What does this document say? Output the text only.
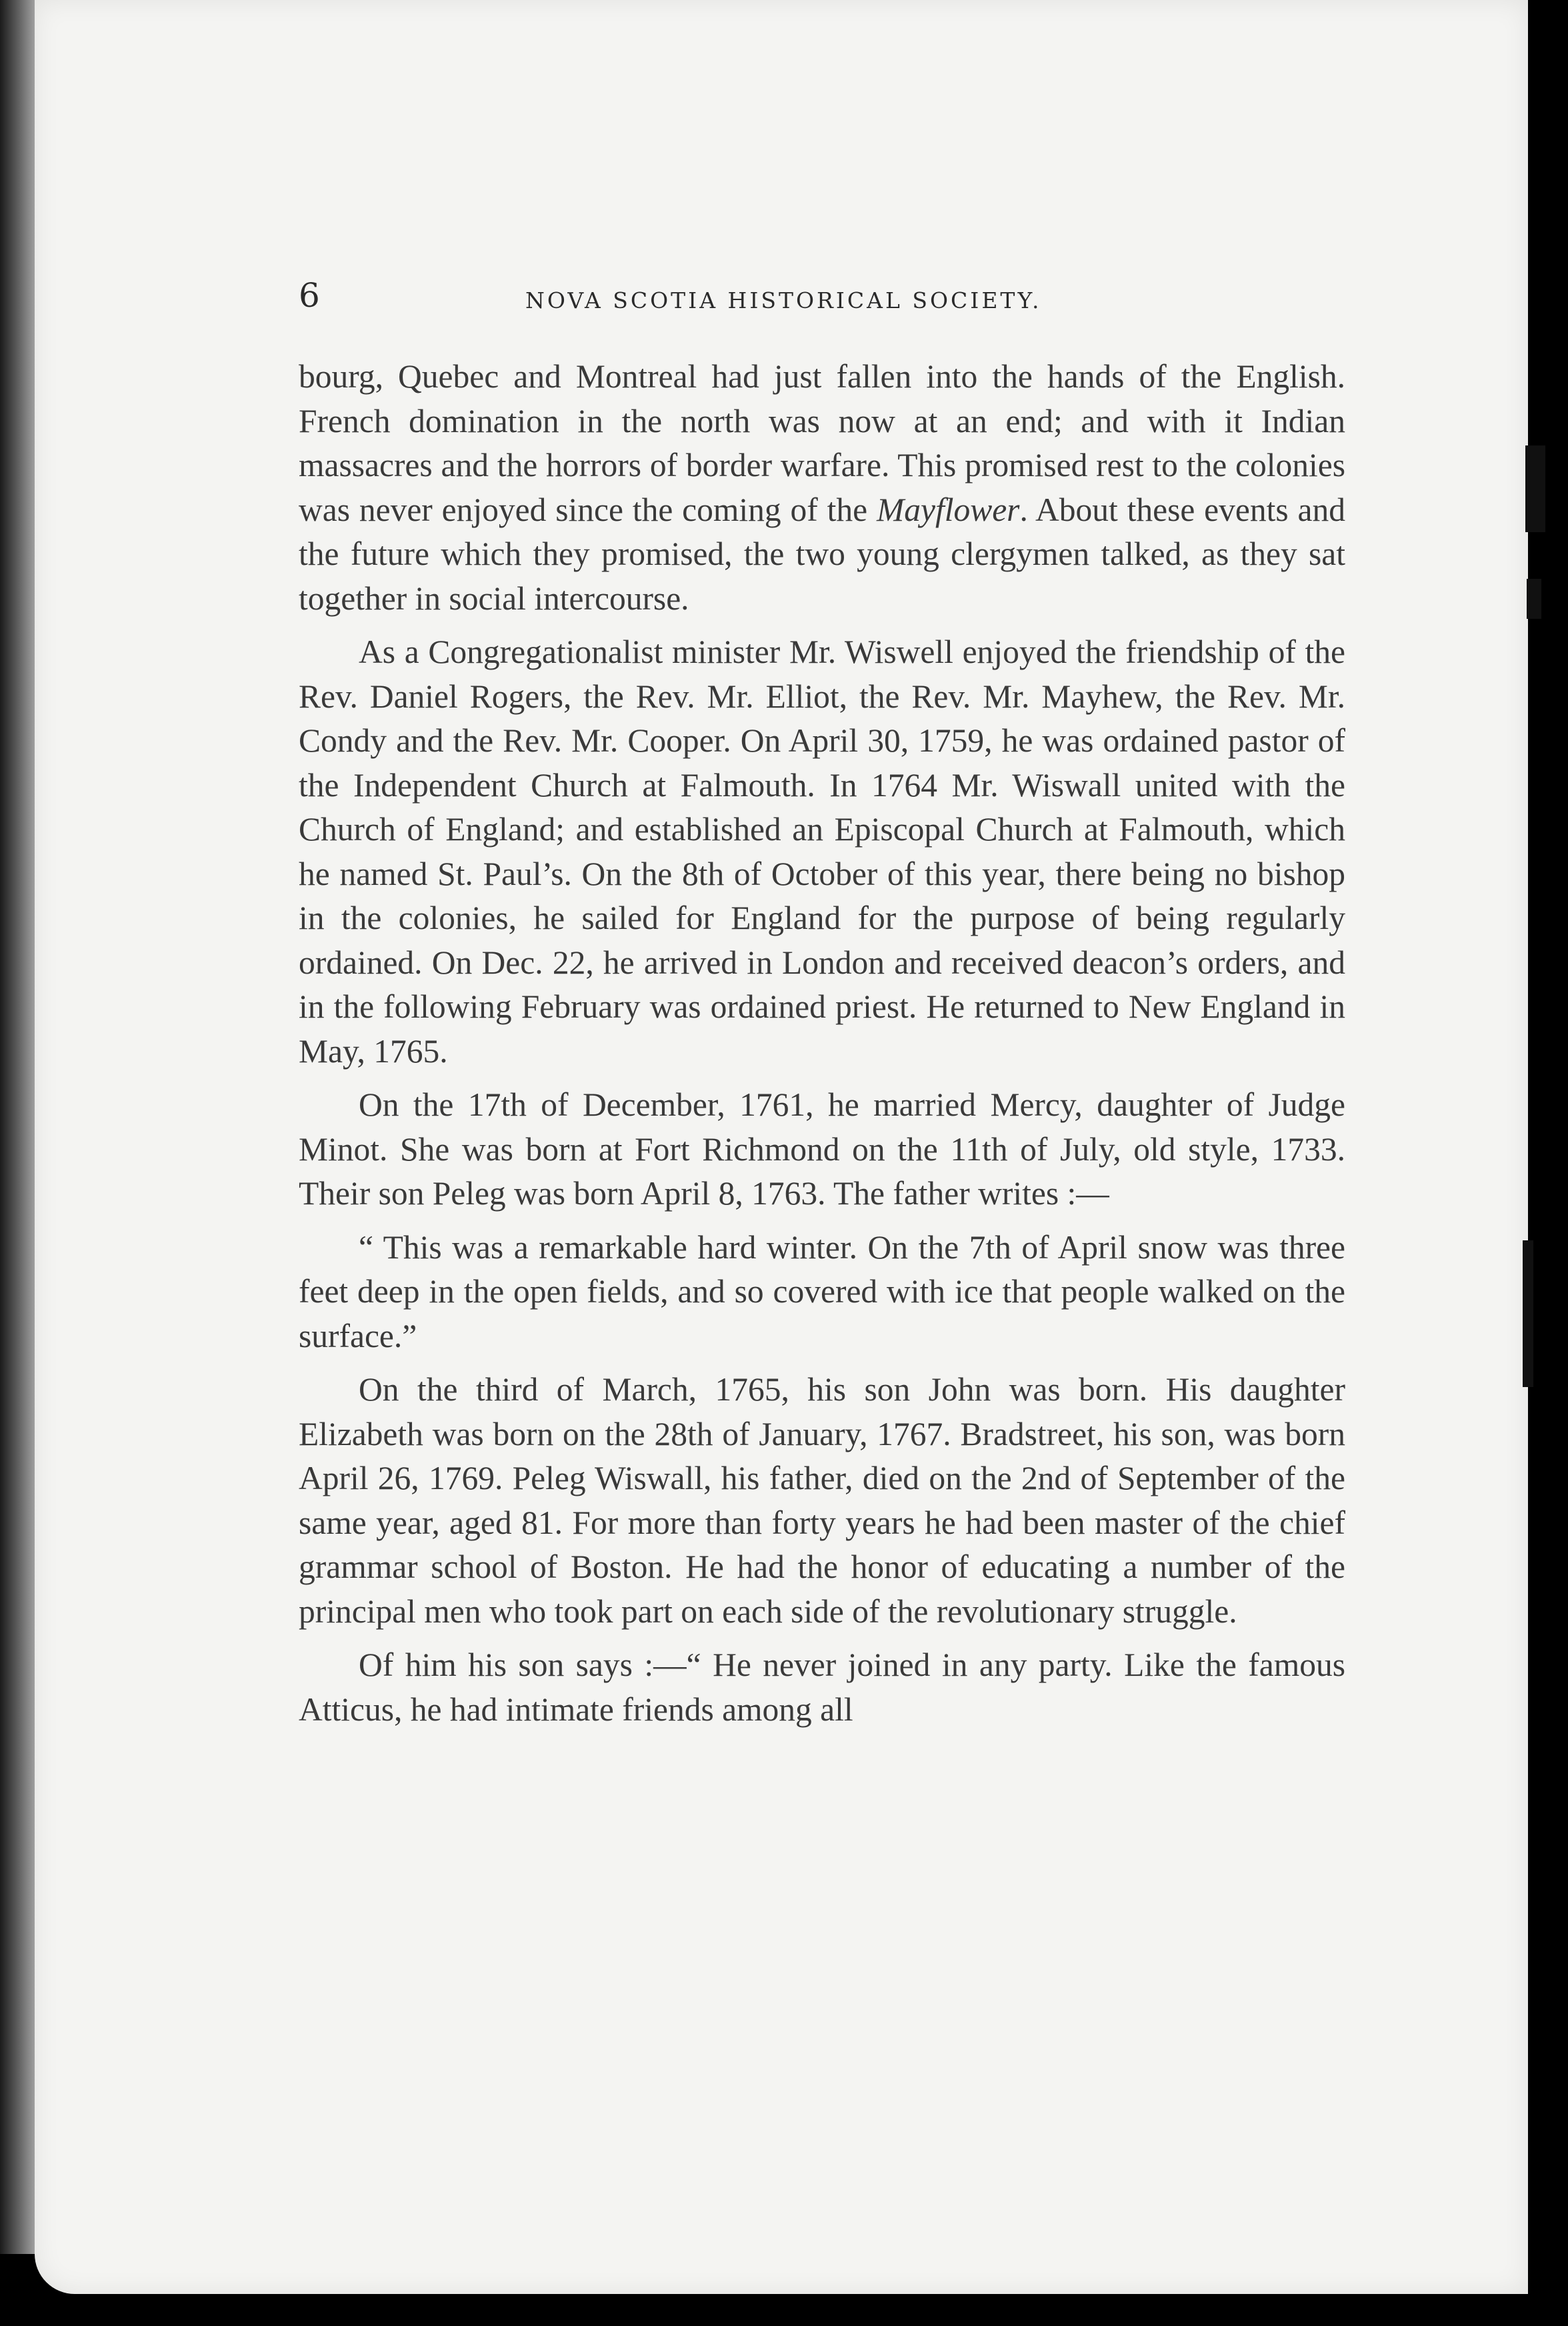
6	NOVA SCOTIA HISTORICAL SOCIETY.

bourg, Quebec and Montreal had just fallen into the hands of the English. French domination in the north was now at an end; and with it Indian massacres and the horrors of border warfare. This promised rest to the colonies was never enjoyed since the coming of the Mayflower. About these events and the future which they promised, the two young clergymen talked, as they sat together in social intercourse.

As a Congregationalist minister Mr. Wiswell enjoyed the friendship of the Rev. Daniel Rogers, the Rev. Mr. Elliot, the Rev. Mr. Mayhew, the Rev. Mr. Condy and the Rev. Mr. Cooper. On April 30, 1759, he was ordained pastor of the Independent Church at Falmouth. In 1764 Mr. Wiswall united with the Church of England; and established an Episcopal Church at Falmouth, which he named St. Paul’s. On the 8th of October of this year, there being no bishop in the colonies, he sailed for England for the purpose of being regularly ordained. On Dec. 22, he arrived in London and received deacon’s orders, and in the following February was ordained priest. He returned to New England in May, 1765.

On the 17th of December, 1761, he married Mercy, daughter of Judge Minot. She was born at Fort Richmond on the 11th of July, old style, 1733. Their son Peleg was born April 8, 1763. The father writes :—

“ This was a remarkable hard winter. On the 7th of April snow was three feet deep in the open fields, and so covered with ice that people walked on the surface.”

On the third of March, 1765, his son John was born. His daughter Elizabeth was born on the 28th of January, 1767. Bradstreet, his son, was born April 26, 1769. Peleg Wiswall, his father, died on the 2nd of September of the same year, aged 81. For more than forty years he had been master of the chief grammar school of Boston. He had the honor of educating a number of the principal men who took part on each side of the revolutionary struggle.

Of him his son says :—“ He never joined in any party. Like the famous Atticus, he had intimate friends among all
